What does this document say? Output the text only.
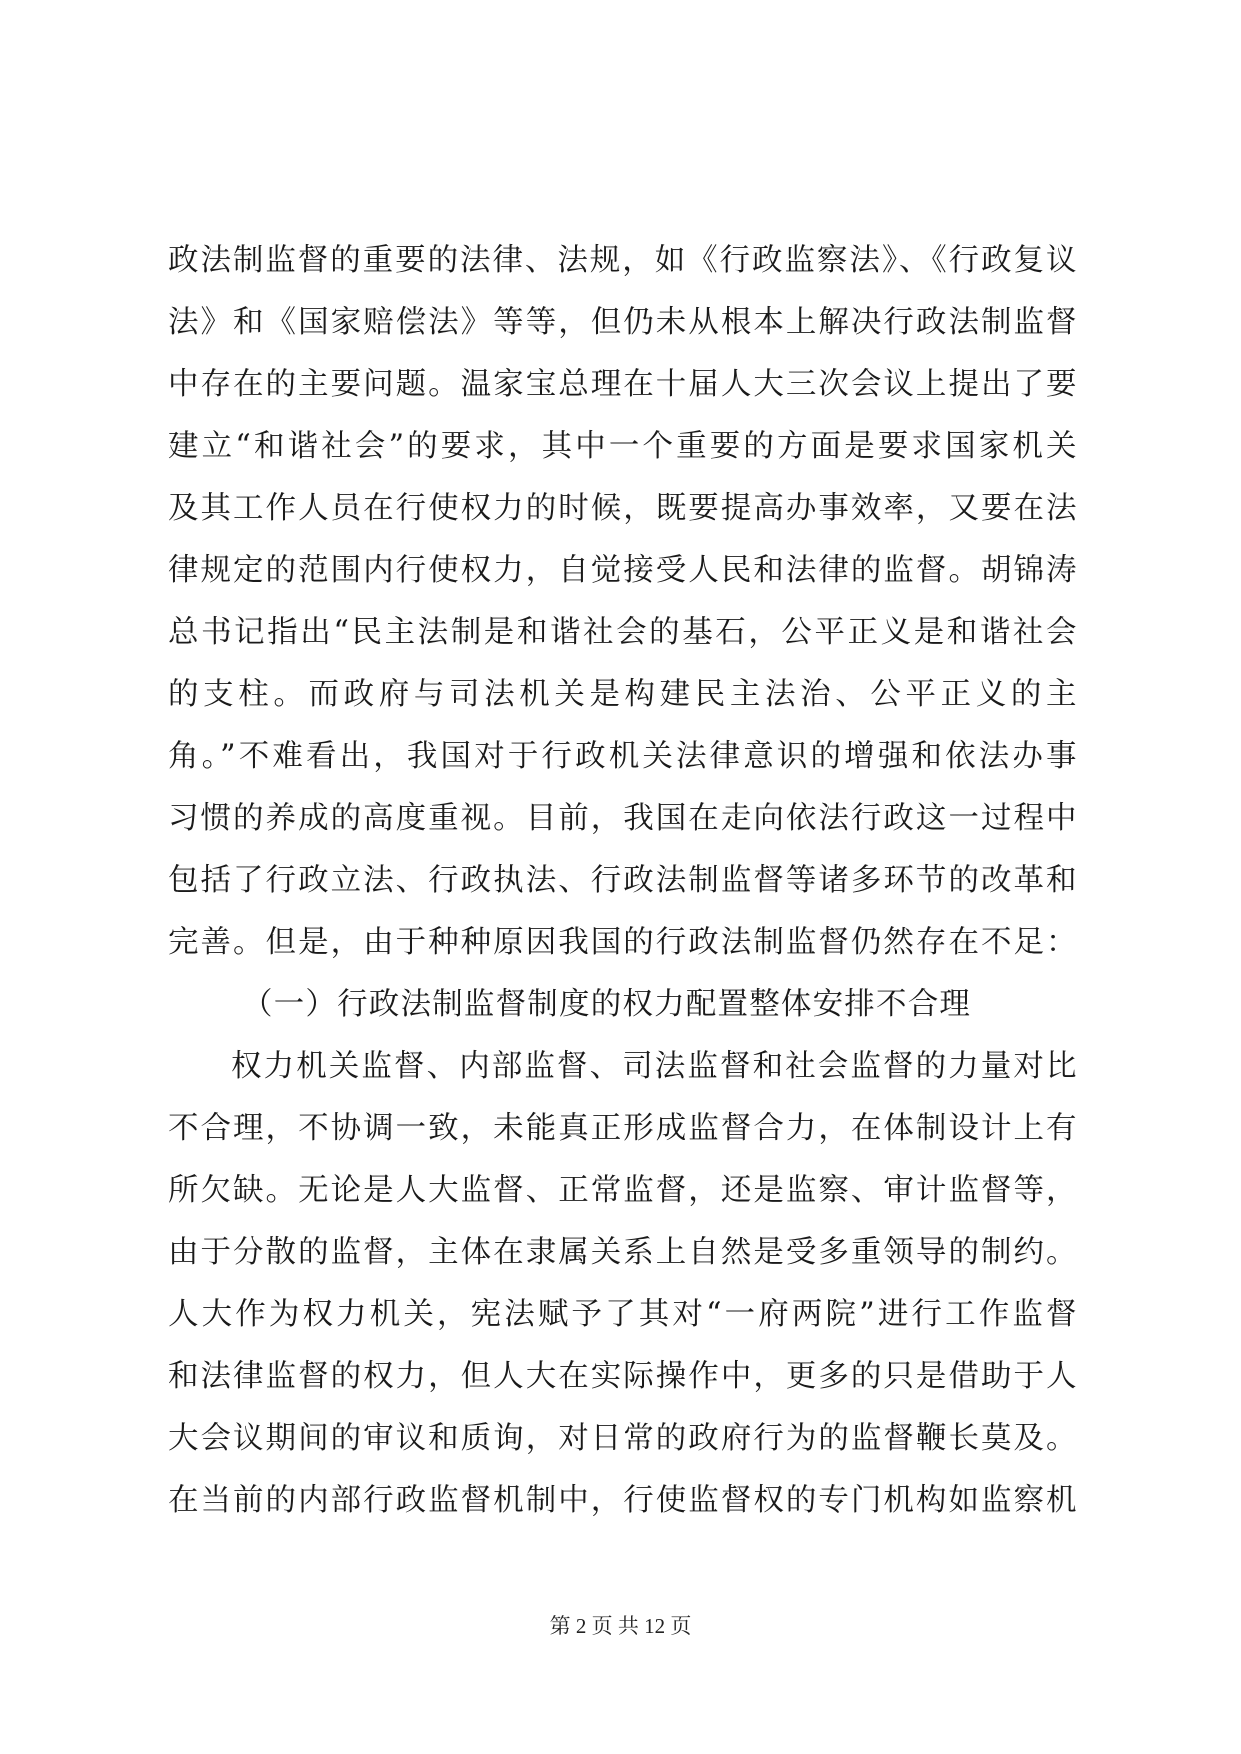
政法制监督的重要的法律、法规，如《行政监察法》、《行政复议
法》和《国家赔偿法》等等，但仍未从根本上解决行政法制监督
中存在的主要问题。温家宝总理在十届人大三次会议上提出了要
建立“和谐社会”的要求，其中一个重要的方面是要求国家机关
及其工作人员在行使权力的时候，既要提高办事效率，又要在法
律规定的范围内行使权力，自觉接受人民和法律的监督。胡锦涛
总书记指出“民主法制是和谐社会的基石，公平正义是和谐社会
的支柱。而政府与司法机关是构建民主法治、公平正义的主
角。”不难看出，我国对于行政机关法律意识的增强和依法办事
习惯的养成的高度重视。目前，我国在走向依法行政这一过程中
包括了行政立法、行政执法、行政法制监督等诸多环节的改革和
完善。但是，由于种种原因我国的行政法制监督仍然存在不足：
（一）行政法制监督制度的权力配置整体安排不合理
权力机关监督、内部监督、司法监督和社会监督的力量对比
不合理，不协调一致，未能真正形成监督合力，在体制设计上有
所欠缺。无论是人大监督、正常监督，还是监察、审计监督等，
由于分散的监督，主体在隶属关系上自然是受多重领导的制约。
人大作为权力机关，宪法赋予了其对“一府两院”进行工作监督
和法律监督的权力，但人大在实际操作中，更多的只是借助于人
大会议期间的审议和质询，对日常的政府行为的监督鞭长莫及。
在当前的内部行政监督机制中，行使监督权的专门机构如监察机
第 2 页 共 12 页
